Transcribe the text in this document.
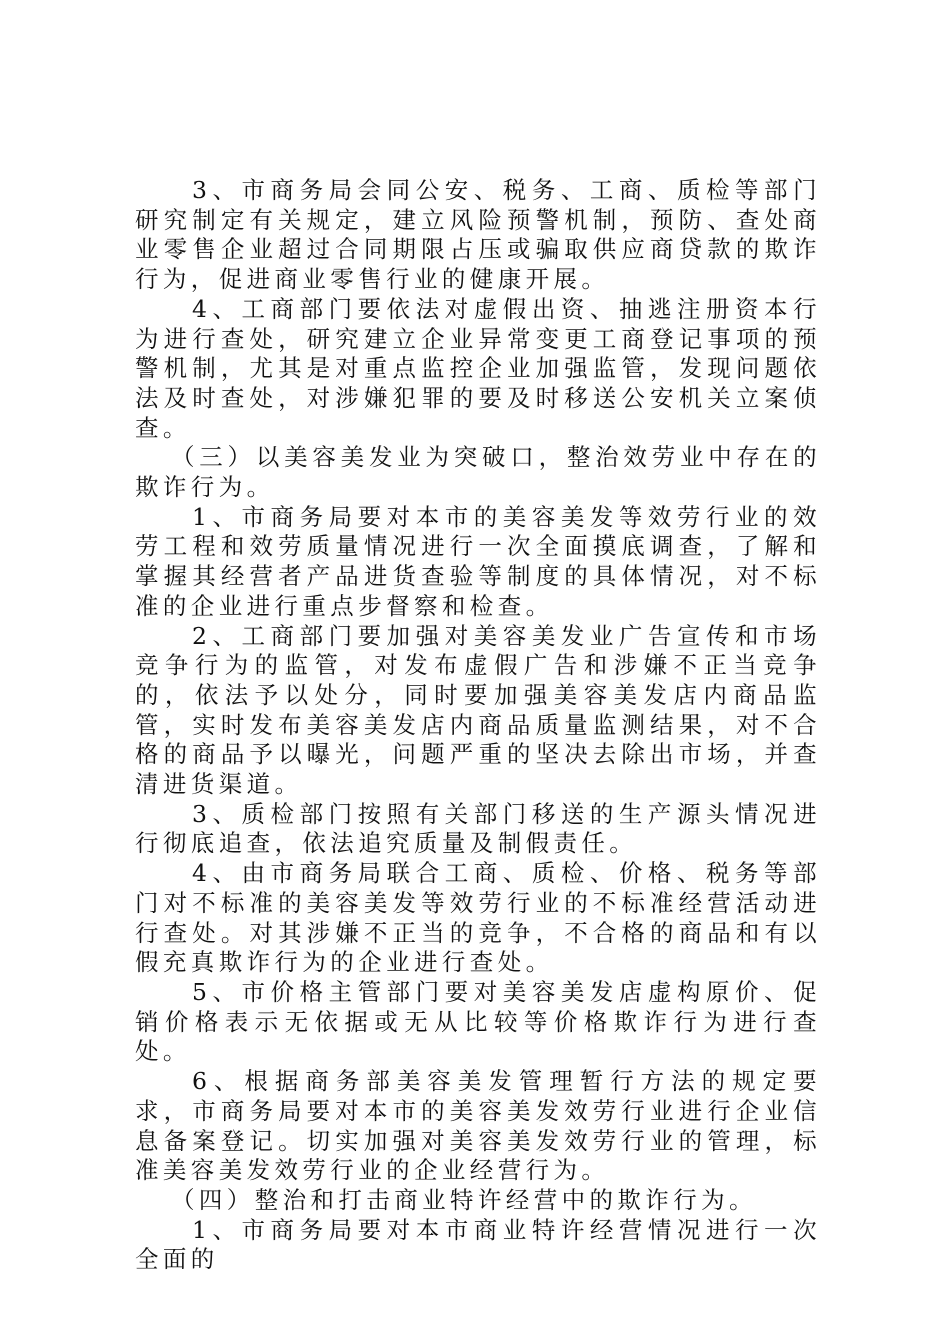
3、市商务局会同公安、税务、工商、质检等部门研究制定有关规定，建立风险预警机制，预防、查处商业零售企业超过合同期限占压或骗取供应商贷款的欺诈行为，促进商业零售行业的健康开展。

4、工商部门要依法对虚假出资、抽逃注册资本行为进行查处，研究建立企业异常变更工商登记事项的预警机制，尤其是对重点监控企业加强监管，发现问题依法及时查处，对涉嫌犯罪的要及时移送公安机关立案侦查。

（三）以美容美发业为突破口，整治效劳业中存在的欺诈行为。

1、市商务局要对本市的美容美发等效劳行业的效劳工程和效劳质量情况进行一次全面摸底调查，了解和掌握其经营者产品进货查验等制度的具体情况，对不标准的企业进行重点步督察和检查。

2、工商部门要加强对美容美发业广告宣传和市场竞争行为的监管，对发布虚假广告和涉嫌不正当竞争的，依法予以处分，同时要加强美容美发店内商品监管，实时发布美容美发店内商品质量监测结果，对不合格的商品予以曝光，问题严重的坚决去除出市场，并查清进货渠道。

3、质检部门按照有关部门移送的生产源头情况进行彻底追查，依法追究质量及制假责任。

4、由市商务局联合工商、质检、价格、税务等部门对不标准的美容美发等效劳行业的不标准经营活动进行查处。对其涉嫌不正当的竞争，不合格的商品和有以假充真欺诈行为的企业进行查处。

5、市价格主管部门要对美容美发店虚构原价、促销价格表示无依据或无从比较等价格欺诈行为进行查处。

6、根据商务部美容美发管理暂行方法的规定要求，市商务局要对本市的美容美发效劳行业进行企业信息备案登记。切实加强对美容美发效劳行业的管理，标准美容美发效劳行业的企业经营行为。

（四）整治和打击商业特许经营中的欺诈行为。

1、市商务局要对本市商业特许经营情况进行一次全面的
